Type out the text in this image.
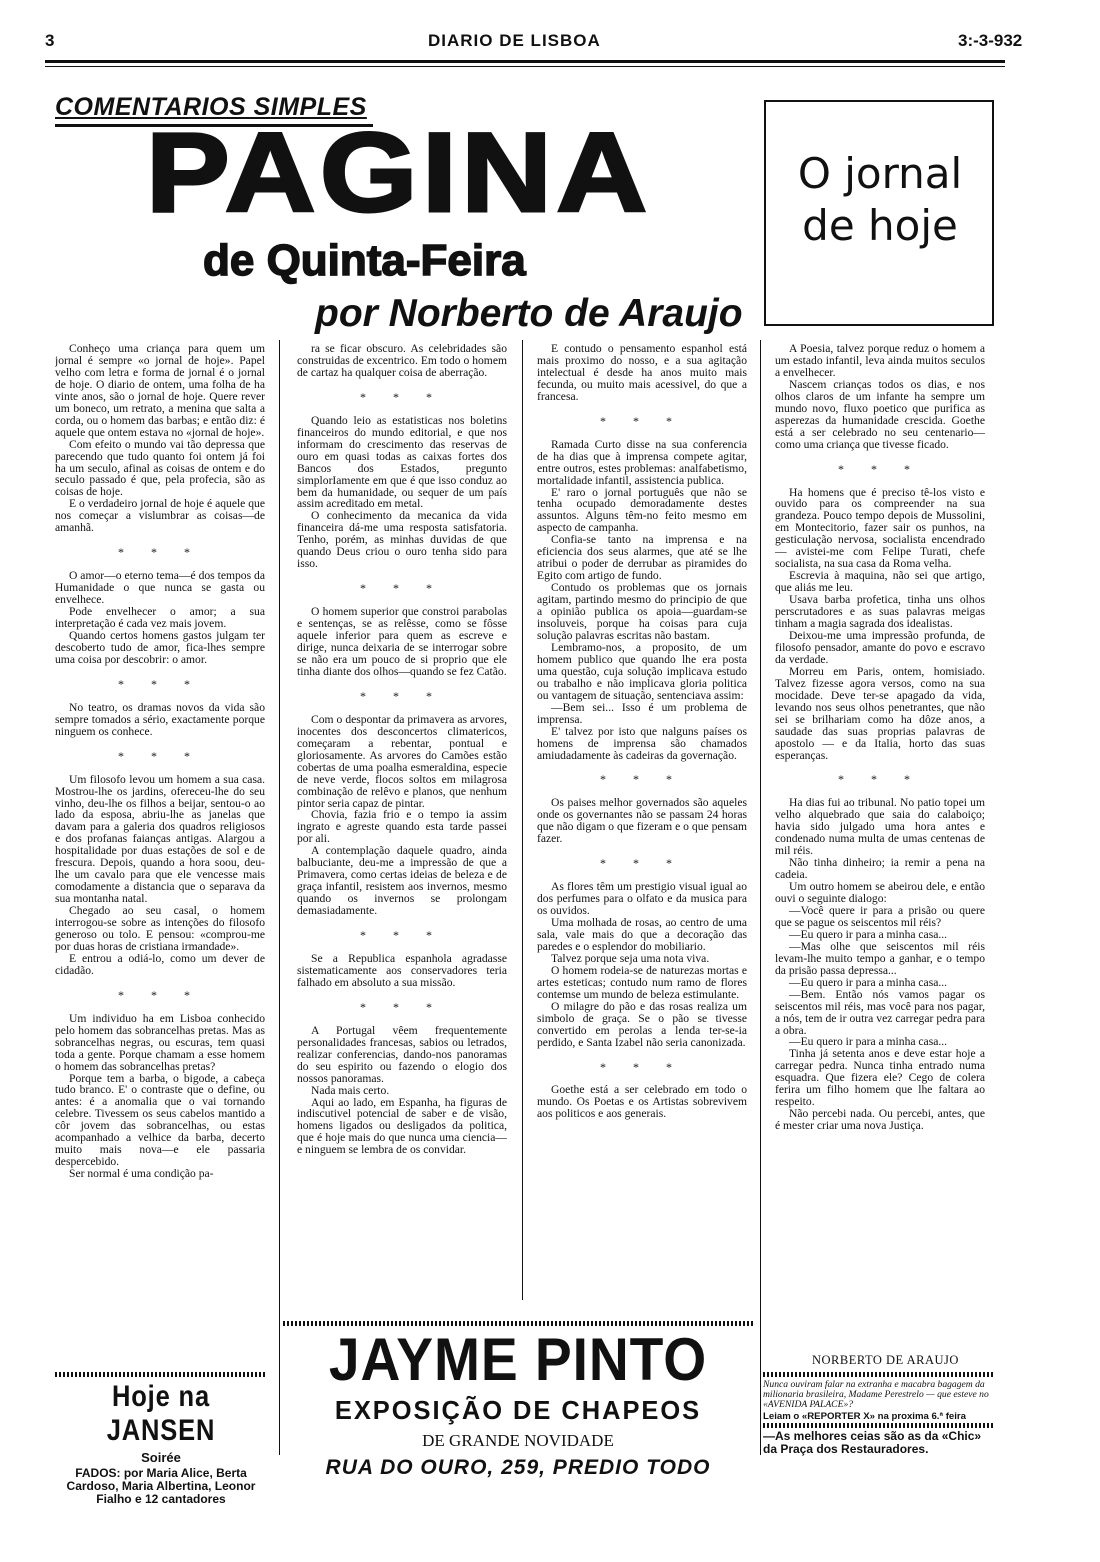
3	DIARIO DE LISBOA	3:-3-932
COMENTARIOS SIMPLES
PAGINA
de Quinta-Feira
por Norberto de Araujo
O jornal de hoje

Conheço uma criança para quem um jornal é sempre «o jornal de hoje». Papel velho com letra e forma de jornal é o jornal de hoje. O diario de ontem, uma folha de ha vinte anos, são o jornal de hoje. Quere rever um boneco, um retrato, a menina que salta a corda, ou o homem das barbas; e então diz: é aquele que ontem estava no «jornal de hoje».

Com efeito o mundo vai tão depressa que parecendo que tudo quanto foi ontem já foi ha um seculo, afinal as coisas de ontem e do seculo passado é que, pela profecia, são as coisas de hoje.

E o verdadeiro jornal de hoje é aquele que nos começar a vislumbrar as coisas—de amanhã.

* * *

O amor—o eterno tema—é dos tempos da Humanidade o que nunca se gasta ou envelhece.

Pode envelhecer o amor; a sua interpretação é cada vez mais jovem.

Quando certos homens gastos julgam ter descoberto tudo de amor, fica-lhes sempre uma coisa por descobrir: o amor.

* * *

No teatro, os dramas novos da vida são sempre tomados a sério, exactamente porque ninguem os conhece.

* * *

Um filosofo levou um homem a sua casa. Mostrou-lhe os jardins, ofereceu-lhe do seu vinho, deu-lhe os filhos a beijar, sentou-o ao lado da esposa, abriu-lhe as janelas que davam para a galeria dos quadros religiosos e dos profanas faianças antigas. Alargou a hospitalidade por duas estações de sol e de frescura. Depois, quando a hora soou, deu-lhe um cavalo para que ele vencesse mais comodamente a distancia que o separava da sua montanha natal.

Chegado ao seu casal, o homem interrogou-se sobre as intenções do filosofo generoso ou tolo. E pensou: «comprou-me por duas horas de cristiana irmandade».

E entrou a odiá-lo, como um dever de cidadão.

* * *

Um individuo ha em Lisboa conhecido pelo homem das sobrancelhas pretas. Mas as sobrancelhas negras, ou escuras, tem quasi toda a gente. Porque chamam a esse homem o homem das sobrancelhas pretas?

Porque tem a barba, o bigode, a cabeça tudo branco. E' o contraste que o define, ou antes: é a anomalia que o vai tornando celebre. Tivessem os seus cabelos mantido a côr jovem das sobrancelhas, ou estas acompanhado a velhice da barba, decerto muito mais nova—e ele passaria despercebido.

Ser normal é uma condição pa-

ra se ficar obscuro. As celebridades são construidas de excentrico. Em todo o homem de cartaz ha qualquer coisa de aberração.

* * *

Quando leio as estatisticas nos boletins financeiros do mundo editorial, e que nos informam do crescimento das reservas de ouro em quasi todas as caixas fortes dos Bancos dos Estados, pregunto simplorIamente em que é que isso conduz ao bem da humanidade, ou sequer de um país assim acreditado em metal.

O conhecimento da mecanica da vida financeira dá-me uma resposta satisfatoria. Tenho, porém, as minhas duvidas de que quando Deus criou o ouro tenha sido para isso.

* * *

O homem superior que constroi parabolas e sentenças, se as relêsse, como se fôsse aquele inferior para quem as escreve e dirige, nunca deixaria de se interrogar sobre se não era um pouco de si proprio que ele tinha diante dos olhos—quando se fez Catão.

* * *

Com o despontar da primavera as arvores, inocentes dos desconcertos climatericos, começaram a rebentar, pontual e gloriosamente. As arvores do Camões estão cobertas de uma poalha esmeraldina, especie de neve verde, flocos soltos em milagrosa combinação de relêvo e planos, que nenhum pintor seria capaz de pintar.

Chovia, fazia frio e o tempo ia assim ingrato e agreste quando esta tarde passei por ali.

A contemplação daquele quadro, ainda balbuciante, deu-me a impressão de que a Primavera, como certas ideias de beleza e de graça infantil, resistem aos invernos, mesmo quando os invernos se prolongam demasiadamente.

* * *

Se a Republica espanhola agradasse sistematicamente aos conservadores teria falhado em absoluto a sua missão.

* * *

A Portugal vêem frequentemente personalidades francesas, sabios ou letrados, realizar conferencias, dando-nos panoramas do seu espirito ou fazendo o elogio dos nossos panoramas.

Nada mais certo.

Aqui ao lado, em Espanha, ha figuras de indiscutivel potencial de saber e de visão, homens ligados ou desligados da politica, que é hoje mais do que nunca uma ciencia—e ninguem se lembra de os convidar.

E contudo o pensamento espanhol está mais proximo do nosso, e a sua agitação intelectual é desde ha anos muito mais fecunda, ou muito mais acessivel, do que a francesa.

* * *

Ramada Curto disse na sua conferencia de ha dias que à imprensa compete agitar, entre outros, estes problemas: analfabetismo, mortalidade infantil, assistencia publica.

E' raro o jornal português que não se tenha ocupado demoradamente destes assuntos. Alguns têm-no feito mesmo em aspecto de campanha.

Confia-se tanto na imprensa e na eficiencia dos seus alarmes, que até se lhe atribui o poder de derrubar as piramides do Egito com artigo de fundo.

Contudo os problemas que os jornais agitam, partindo mesmo do principio de que a opinião publica os apoia—guardam-se insoluveis, porque ha coisas para cuja solução palavras escritas não bastam.

Lembramo-nos, a proposito, de um homem publico que quando lhe era posta uma questão, cuja solução implicava estudo ou trabalho e não implicava gloria politica ou vantagem de situação, sentenciava assim:

—Bem sei... Isso é um problema de imprensa.

E' talvez por isto que nalguns países os homens de imprensa são chamados amiudadamente às cadeiras da governação.

* * *

Os paises melhor governados são aqueles onde os governantes não se passam 24 horas que não digam o que fizeram e o que pensam fazer.

* * *

As flores têm um prestigio visual igual ao dos perfumes para o olfato e da musica para os ouvidos.

Uma molhada de rosas, ao centro de uma sala, vale mais do que a decoração das paredes e o esplendor do mobiliario.

Talvez porque seja uma nota viva.

O homem rodeia-se de naturezas mortas e artes esteticas; contudo num ramo de flores contemse um mundo de beleza estimulante.

O milagre do pão e das rosas realiza um simbolo de graça. Se o pão se tivesse convertido em perolas a lenda ter-se-ia perdido, e Santa Izabel não seria canonizada.

* * *

Goethe está a ser celebrado em todo o mundo. Os Poetas e os Artistas sobrevivem aos politicos e aos generais.

A Poesia, talvez porque reduz o homem a um estado infantil, leva ainda muitos seculos a envelhecer.

Nascem crianças todos os dias, e nos olhos claros de um infante ha sempre um mundo novo, fluxo poetico que purifica as asperezas da humanidade crescida. Goethe está a ser celebrado no seu centenario—como uma criança que tivesse ficado.

* * *

Ha homens que é preciso tê-los visto e ouvido para os compreender na sua grandeza. Pouco tempo depois de Mussolini, em Montecitorio, fazer sair os punhos, na gesticulação nervosa, socialista encendrado — avistei-me com Felipe Turati, chefe socialista, na sua casa da Roma velha.

Escrevia à maquina, não sei que artigo, que aliás me leu.

Usava barba profetica, tinha uns olhos perscrutadores e as suas palavras meigas tinham a magia sagrada dos idealistas.

Deixou-me uma impressão profunda, de filosofo pensador, amante do povo e escravo da verdade.

Morreu em Paris, ontem, homisiado. Talvez fizesse agora versos, como na sua mocidade. Deve ter-se apagado da vida, levando nos seus olhos penetrantes, que não sei se brilhariam como ha dôze anos, a saudade das suas proprias palavras de apostolo — e da Italia, horto das suas esperanças.

* * *

Ha dias fui ao tribunal. No patio topei um velho alquebrado que saia do calaboiço; havia sido julgado uma hora antes e condenado numa multa de umas centenas de mil réis.

Não tinha dinheiro; ia remir a pena na cadeia.

Um outro homem se abeirou dele, e então ouvi o seguinte dialogo:

—Você quere ir para a prisão ou quere que se pague os seiscentos mil réis?

—Eu quero ir para a minha casa...

—Mas olhe que seiscentos mil réis levam-lhe muito tempo a ganhar, e o tempo da prisão passa depressa...

—Eu quero ir para a minha casa...

—Bem. Então nós vamos pagar os seiscentos mil réis, mas você para nos pagar, a nós, tem de ir outra vez carregar pedra para a obra.

—Eu quero ir para a minha casa...

Tinha já setenta anos e deve estar hoje a carregar pedra. Nunca tinha entrado numa esquadra. Que fizera ele? Cego de colera ferira um filho homem que lhe faltara ao respeito.

Não percebi nada. Ou percebi, antes, que é mester criar uma nova Justiça.

NORBERTO DE ARAUJO
Hoje na JANSEN
Soirée
FADOS: por Maria Alice, Berta Cardoso, Maria Albertina, Leonor Fialho e 12 cantadores
JAYME PINTO
EXPOSIÇÃO DE CHAPEOS
DE GRANDE NOVIDADE
RUA DO OURO, 259, PREDIO TODO
Nunca ouviram falar na extranha e macabra bagagem da milionaria brasileira, Madame Perestrelo — que esteve no «AVENIDA PALACE»?
Leiam o «REPORTER X» na proxima 6.ª feira
—As melhores ceias são as da «Chic» da Praça dos Restauradores.
